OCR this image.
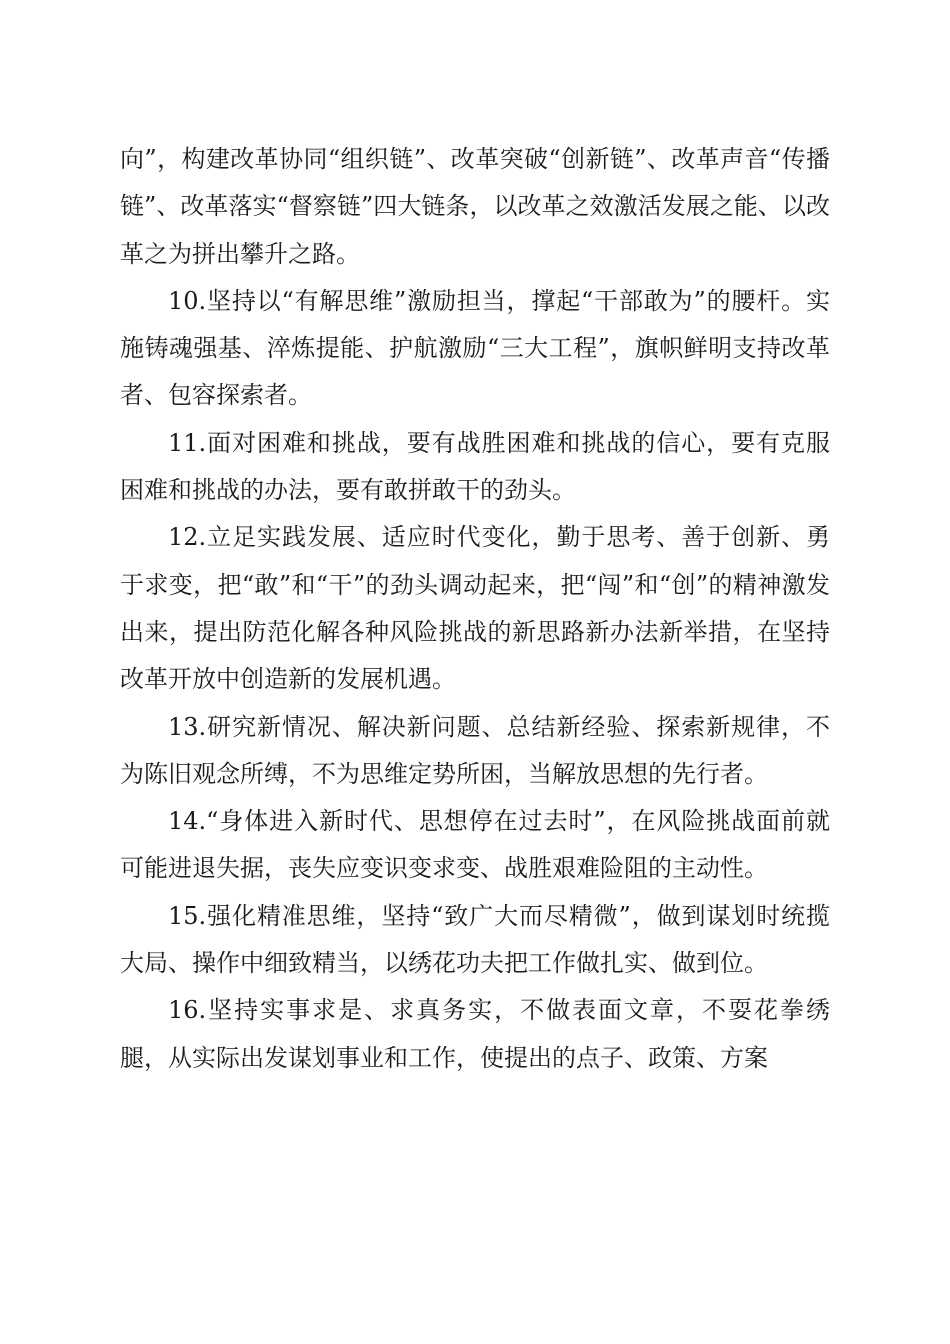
向”，构建改革协同“组织链”、改革突破“创新链”、改革声音“传播链”、改革落实“督察链”四大链条，以改革之效激活发展之能、以改革之为拼出攀升之路。

10.坚持以“有解思维”激励担当，撑起“干部敢为”的腰杆。实施铸魂强基、淬炼提能、护航激励“三大工程”，旗帜鲜明支持改革者、包容探索者。

11.面对困难和挑战，要有战胜困难和挑战的信心，要有克服困难和挑战的办法，要有敢拼敢干的劲头。

12.立足实践发展、适应时代变化，勤于思考、善于创新、勇于求变，把“敢”和“干”的劲头调动起来，把“闯”和“创”的精神激发出来，提出防范化解各种风险挑战的新思路新办法新举措，在坚持改革开放中创造新的发展机遇。

13.研究新情况、解决新问题、总结新经验、探索新规律，不为陈旧观念所缚，不为思维定势所困，当解放思想的先行者。

14.“身体进入新时代、思想停在过去时”，在风险挑战面前就可能进退失据，丧失应变识变求变、战胜艰难险阻的主动性。

15.强化精准思维，坚持“致广大而尽精微”，做到谋划时统揽大局、操作中细致精当，以绣花功夫把工作做扎实、做到位。

16.坚持实事求是、求真务实，不做表面文章，不耍花拳绣腿，从实际出发谋划事业和工作，使提出的点子、政策、方案
